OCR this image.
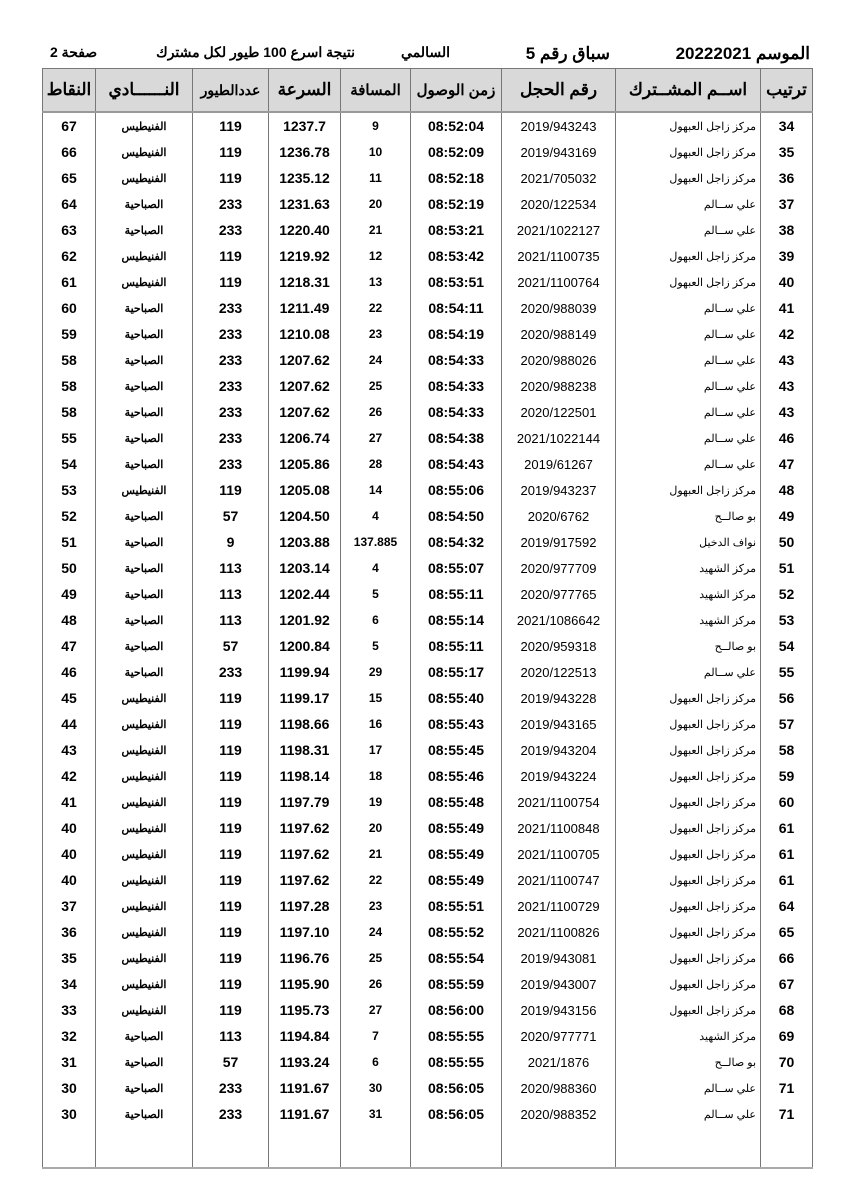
الموسم 20222021
سباق رقم 5
السالمي
نتيجة اسرع 100 طيور لكل مشترك
صفحة 2
النقاط	النــــــادي	عددالطيور	السرعة	المسافة	زمن الوصول	رقم الحجل	اســم المشــترك	ترتيب
67	الفنيطيس	119	1237.7	9	08:52:04	2019/943243	مركز زاجل العبهول	34
66	الفنيطيس	119	1236.78	10	08:52:09	2019/943169	مركز زاجل العبهول	35
65	الفنيطيس	119	1235.12	11	08:52:18	2021/705032	مركز زاجل العبهول	36
64	الصباحية	233	1231.63	20	08:52:19	2020/122534	علي ســالم	37
63	الصباحية	233	1220.40	21	08:53:21	2021/1022127	علي ســالم	38
62	الفنيطيس	119	1219.92	12	08:53:42	2021/1100735	مركز زاجل العبهول	39
61	الفنيطيس	119	1218.31	13	08:53:51	2021/1100764	مركز زاجل العبهول	40
60	الصباحية	233	1211.49	22	08:54:11	2020/988039	علي ســالم	41
59	الصباحية	233	1210.08	23	08:54:19	2020/988149	علي ســالم	42
58	الصباحية	233	1207.62	24	08:54:33	2020/988026	علي ســالم	43
58	الصباحية	233	1207.62	25	08:54:33	2020/988238	علي ســالم	43
58	الصباحية	233	1207.62	26	08:54:33	2020/122501	علي ســالم	43
55	الصباحية	233	1206.74	27	08:54:38	2021/1022144	علي ســالم	46
54	الصباحية	233	1205.86	28	08:54:43	2019/61267	علي ســالم	47
53	الفنيطيس	119	1205.08	14	08:55:06	2019/943237	مركز زاجل العبهول	48
52	الصباحية	57	1204.50	4	08:54:50	2020/6762	بو صالــح	49
51	الصباحية	9	1203.88	137.885	08:54:32	2019/917592	نواف الدخيل	50
50	الصباحية	113	1203.14	4	08:55:07	2020/977709	مركز الشهيد	51
49	الصباحية	113	1202.44	5	08:55:11	2020/977765	مركز الشهيد	52
48	الصباحية	113	1201.92	6	08:55:14	2021/1086642	مركز الشهيد	53
47	الصباحية	57	1200.84	5	08:55:11	2020/959318	بو صالــح	54
46	الصباحية	233	1199.94	29	08:55:17	2020/122513	علي ســالم	55
45	الفنيطيس	119	1199.17	15	08:55:40	2019/943228	مركز زاجل العبهول	56
44	الفنيطيس	119	1198.66	16	08:55:43	2019/943165	مركز زاجل العبهول	57
43	الفنيطيس	119	1198.31	17	08:55:45	2019/943204	مركز زاجل العبهول	58
42	الفنيطيس	119	1198.14	18	08:55:46	2019/943224	مركز زاجل العبهول	59
41	الفنيطيس	119	1197.79	19	08:55:48	2021/1100754	مركز زاجل العبهول	60
40	الفنيطيس	119	1197.62	20	08:55:49	2021/1100848	مركز زاجل العبهول	61
40	الفنيطيس	119	1197.62	21	08:55:49	2021/1100705	مركز زاجل العبهول	61
40	الفنيطيس	119	1197.62	22	08:55:49	2021/1100747	مركز زاجل العبهول	61
37	الفنيطيس	119	1197.28	23	08:55:51	2021/1100729	مركز زاجل العبهول	64
36	الفنيطيس	119	1197.10	24	08:55:52	2021/1100826	مركز زاجل العبهول	65
35	الفنيطيس	119	1196.76	25	08:55:54	2019/943081	مركز زاجل العبهول	66
34	الفنيطيس	119	1195.90	26	08:55:59	2019/943007	مركز زاجل العبهول	67
33	الفنيطيس	119	1195.73	27	08:56:00	2019/943156	مركز زاجل العبهول	68
32	الصباحية	113	1194.84	7	08:55:55	2020/977771	مركز الشهيد	69
31	الصباحية	57	1193.24	6	08:55:55	2021/1876	بو صالــح	70
30	الصباحية	233	1191.67	30	08:56:05	2020/988360	علي ســالم	71
30	الصباحية	233	1191.67	31	08:56:05	2020/988352	علي ســالم	71
